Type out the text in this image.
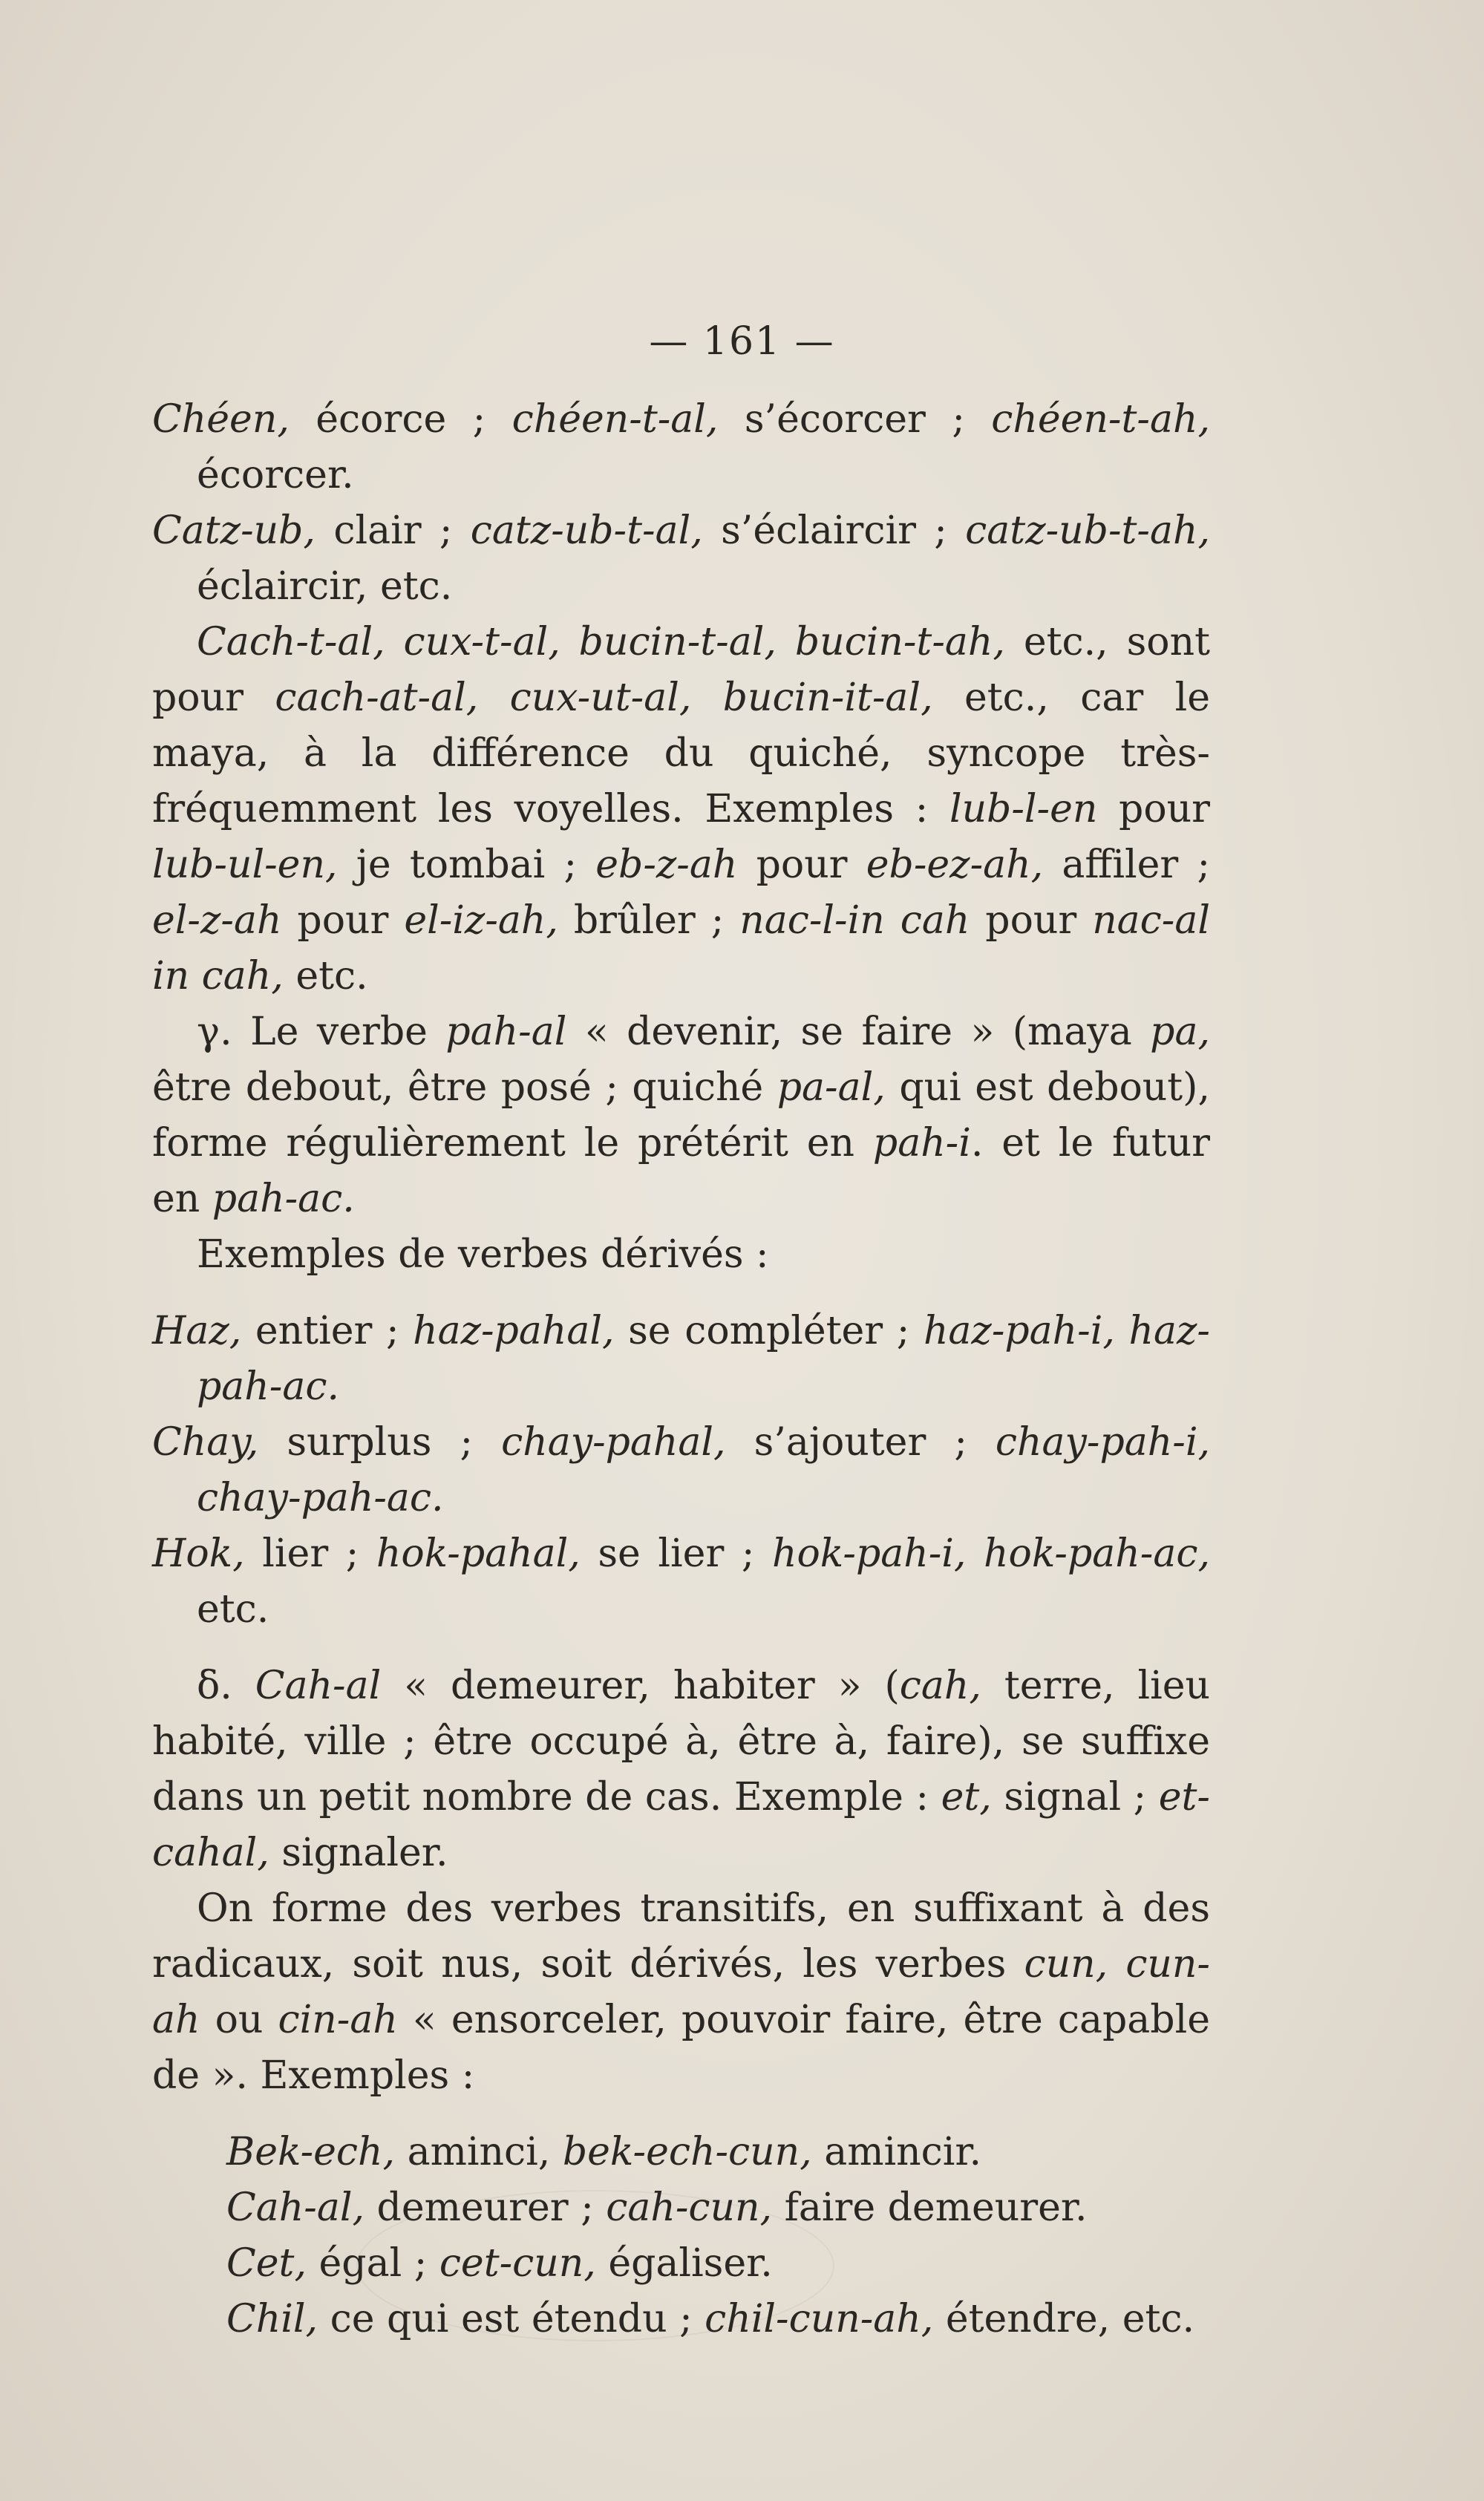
— 161 —

Chéen, écorce ; chéen-t-al, s’écorcer ; chéen-t-ah, écorcer.

Catz-ub, clair ; catz-ub-t-al, s’éclaircir ; catz-ub-t-ah, éclaircir, etc.

Cach-t-al, cux-t-al, bucin-t-al, bucin-t-ah, etc., sont pour cach-at-al, cux-ut-al, bucin-it-al, etc., car le maya, à la différence du quiché, syncope très-fréquemment les voyelles. Exemples : lub-l-en pour lub-ul-en, je tombai ; eb-z-ah pour eb-ez-ah, affiler ; el-z-ah pour el-iz-ah, brûler ; nac-l-in cah pour nac-al in cah, etc.

γ. Le verbe pah-al « devenir, se faire » (maya pa, être debout, être posé ; quiché pa-al, qui est debout), forme régulièrement le prétérit en pah-i. et le futur en pah-ac.

Exemples de verbes dérivés :

Haz, entier ; haz-pahal, se compléter ; haz-pah-i, haz-pah-ac.

Chay, surplus ; chay-pahal, s’ajouter ; chay-pah-i, chay-pah-ac.

Hok, lier ; hok-pahal, se lier ; hok-pah-i, hok-pah-ac, etc.

δ. Cah-al « demeurer, habiter » (cah, terre, lieu habité, ville ; être occupé à, être à, faire), se suffixe dans un petit nombre de cas. Exemple : et, signal ; et-cahal, signaler.

On forme des verbes transitifs, en suffixant à des radicaux, soit nus, soit dérivés, les verbes cun, cun-ah ou cin-ah « ensorceler, pouvoir faire, être capable de ». Exemples :

Bek-ech, aminci, bek-ech-cun, amincir.

Cah-al, demeurer ; cah-cun, faire demeurer.

Cet, égal ; cet-cun, égaliser.

Chil, ce qui est étendu ; chil-cun-ah, étendre, etc.
